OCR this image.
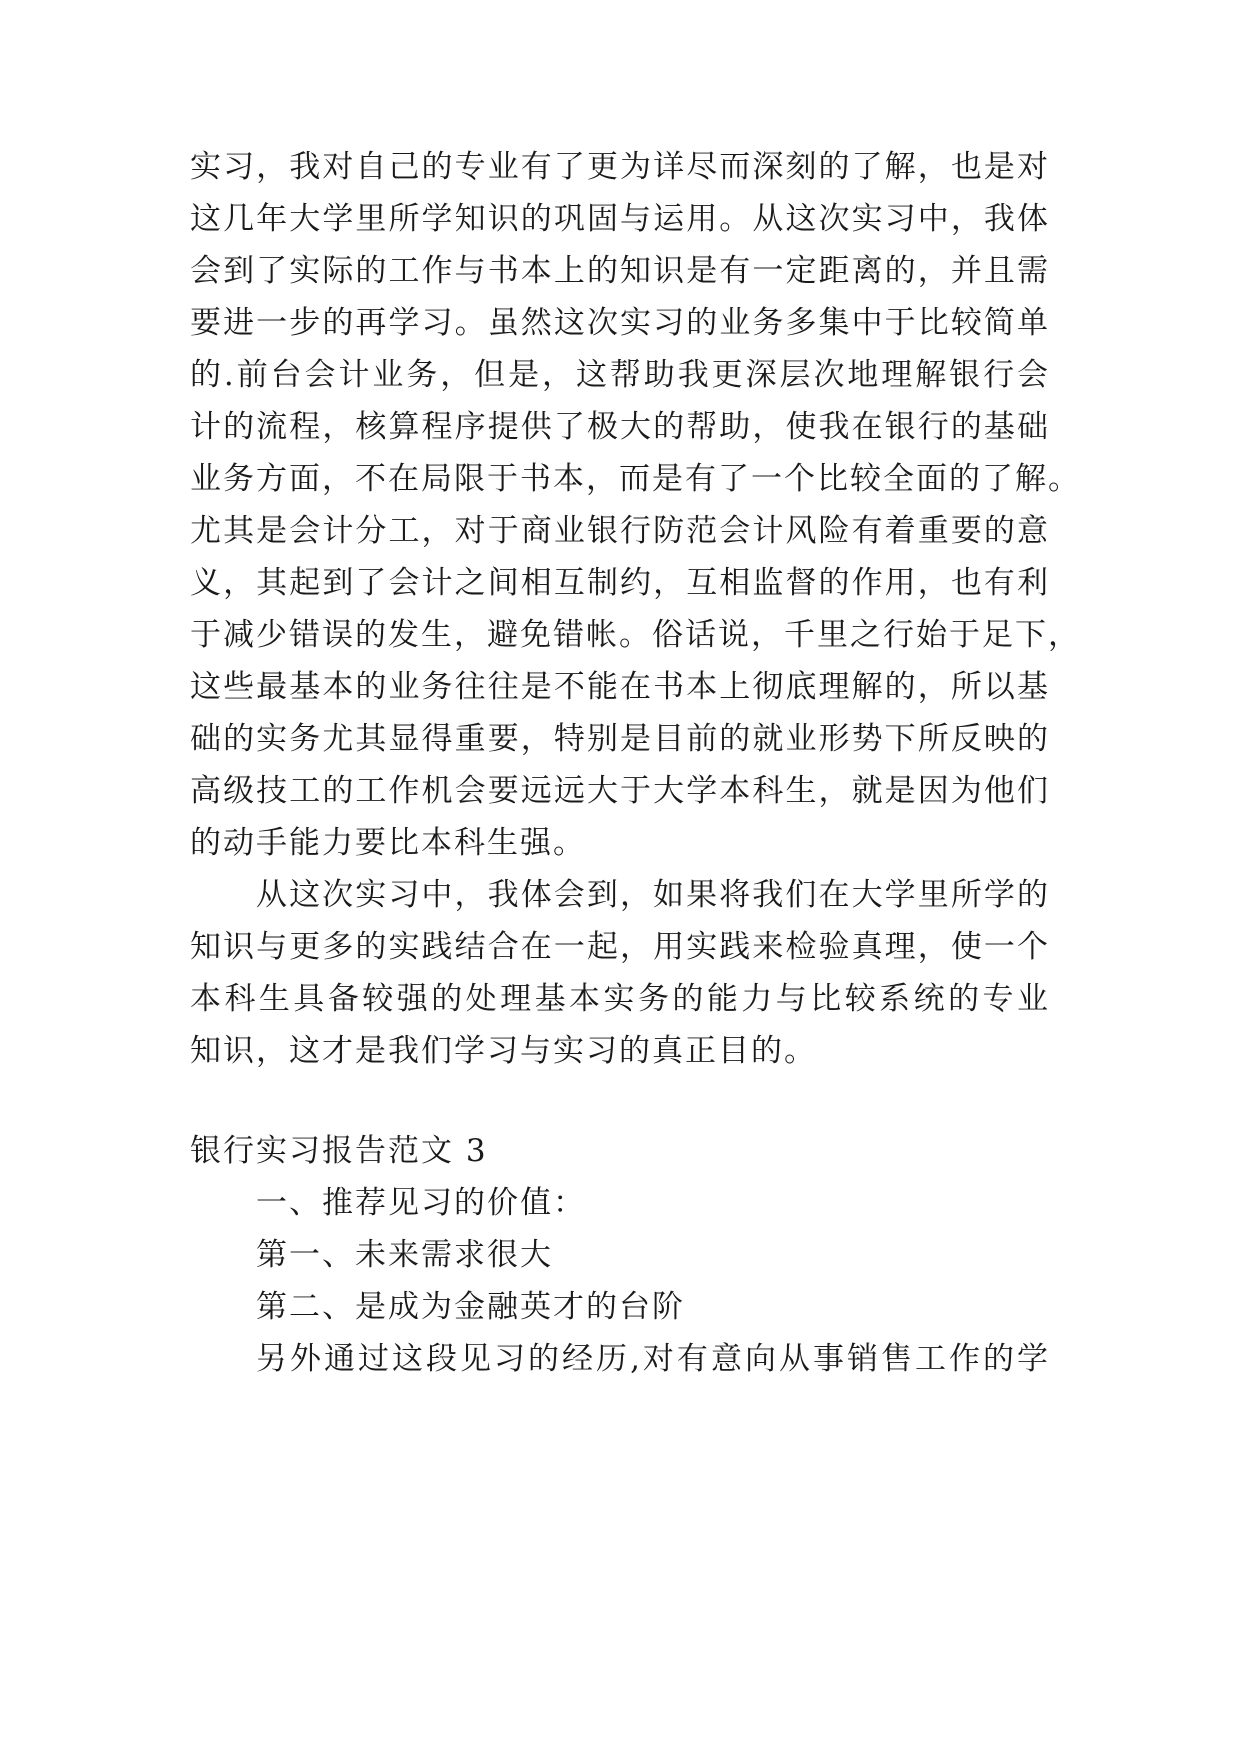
实习，我对自己的专业有了更为详尽而深刻的了解，也是对
这几年大学里所学知识的巩固与运用。从这次实习中，我体
会到了实际的工作与书本上的知识是有一定距离的，并且需
要进一步的再学习。虽然这次实习的业务多集中于比较简单
的.前台会计业务，但是，这帮助我更深层次地理解银行会
计的流程，核算程序提供了极大的帮助，使我在银行的基础
业务方面，不在局限于书本，而是有了一个比较全面的了解。
尤其是会计分工，对于商业银行防范会计风险有着重要的意
义，其起到了会计之间相互制约，互相监督的作用，也有利
于减少错误的发生，避免错帐。俗话说，千里之行始于足下，
这些最基本的业务往往是不能在书本上彻底理解的，所以基
础的实务尤其显得重要，特别是目前的就业形势下所反映的
高级技工的工作机会要远远大于大学本科生，就是因为他们
的动手能力要比本科生强。
从这次实习中，我体会到，如果将我们在大学里所学的
知识与更多的实践结合在一起，用实践来检验真理，使一个
本科生具备较强的处理基本实务的能力与比较系统的专业
知识，这才是我们学习与实习的真正目的。
银行实习报告范文 3
一、推荐见习的价值：
第一、未来需求很大
第二、是成为金融英才的台阶
另外通过这段见习的经历,对有意向从事销售工作的学
